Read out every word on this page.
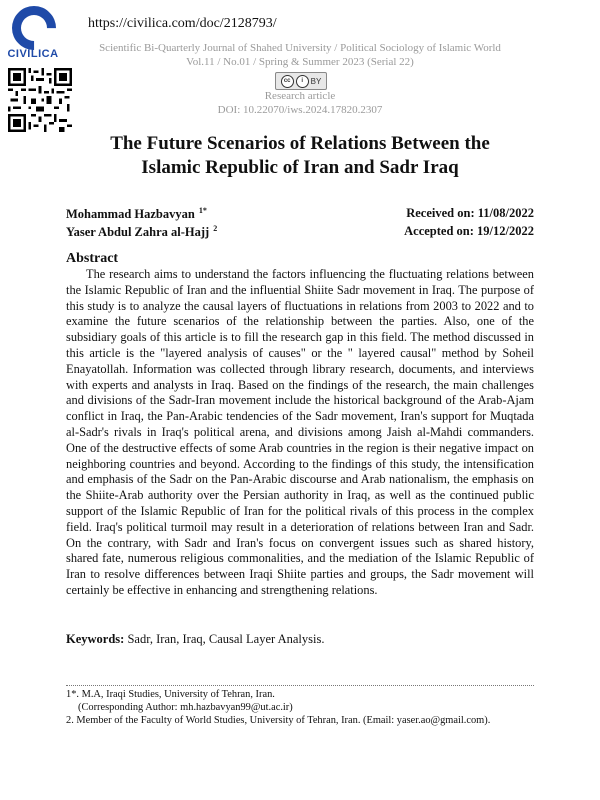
CIVILICA
https://civilica.com/doc/2128793/
Scientific Bi-Quarterly Journal of Shahed University / Political Sociology of Islamic World
Vol.11 / No.01 / Spring & Summer 2023 (Serial 22)
cc	i BY
Research article
DOI: 10.22070/iws.2024.17820.2307
The Future Scenarios of Relations Between the
Islamic Republic of Iran and Sadr Iraq
Mohammad Hazbavyan $^{1*}$	Received on: 11/08/2022
Yaser Abdul Zahra al-Hajj $^2$	Accepted on: 19/12/2022
Abstract

The research aims to understand the factors influencing the fluctuating relations between the Islamic Republic of Iran and the influential Shiite Sadr movement in Iraq. The purpose of this study is to analyze the causal layers of fluctuations in relations from 2003 to 2022 and to examine the future scenarios of the relationship between the parties. Also, one of the subsidiary goals of this article is to fill the research gap in this field. The method discussed in this article is the "layered analysis of causes" or the " layered causal" method by Soheil Enayatollah. Information was collected through library research, documents, and interviews with experts and analysts in Iraq. Based on the findings of the research, the main challenges and divisions of the Sadr-Iran movement include the historical background of the Arab-Ajam conflict in Iraq, the Pan-Arabic tendencies of the Sadr movement, Iran's support for Muqtada al-Sadr's rivals in Iraq's political arena, and divisions among Jaish al-Mahdi commanders. One of the destructive effects of some Arab countries in the region is their negative impact on neighboring countries and beyond. According to the findings of this study, the intensification and emphasis of the Sadr on the Pan-Arabic discourse and Arab nationalism, the emphasis on the Shiite-Arab authority over the Persian authority in Iraq, as well as the continued public support of the Islamic Republic of Iran for the political rivals of this process in the complex field. Iraq's political turmoil may result in a deterioration of relations between Iran and Sadr. On the contrary, with Sadr and Iran's focus on convergent issues such as shared history, shared fate, numerous religious commonalities, and the mediation of the Islamic Republic of Iran to resolve differences between Iraqi Shiite parties and groups, the Sadr movement will certainly be effective in enhancing and strengthening relations.

Keywords: Sadr, Iran, Iraq, Causal Layer Analysis.
1*. M.A, Iraqi Studies, University of Tehran, Iran.
(Corresponding Author: mh.hazbavyan99@ut.ac.ir)
2. Member of the Faculty of World Studies, University of Tehran, Iran. (Email: yaser.ao@gmail.com).
